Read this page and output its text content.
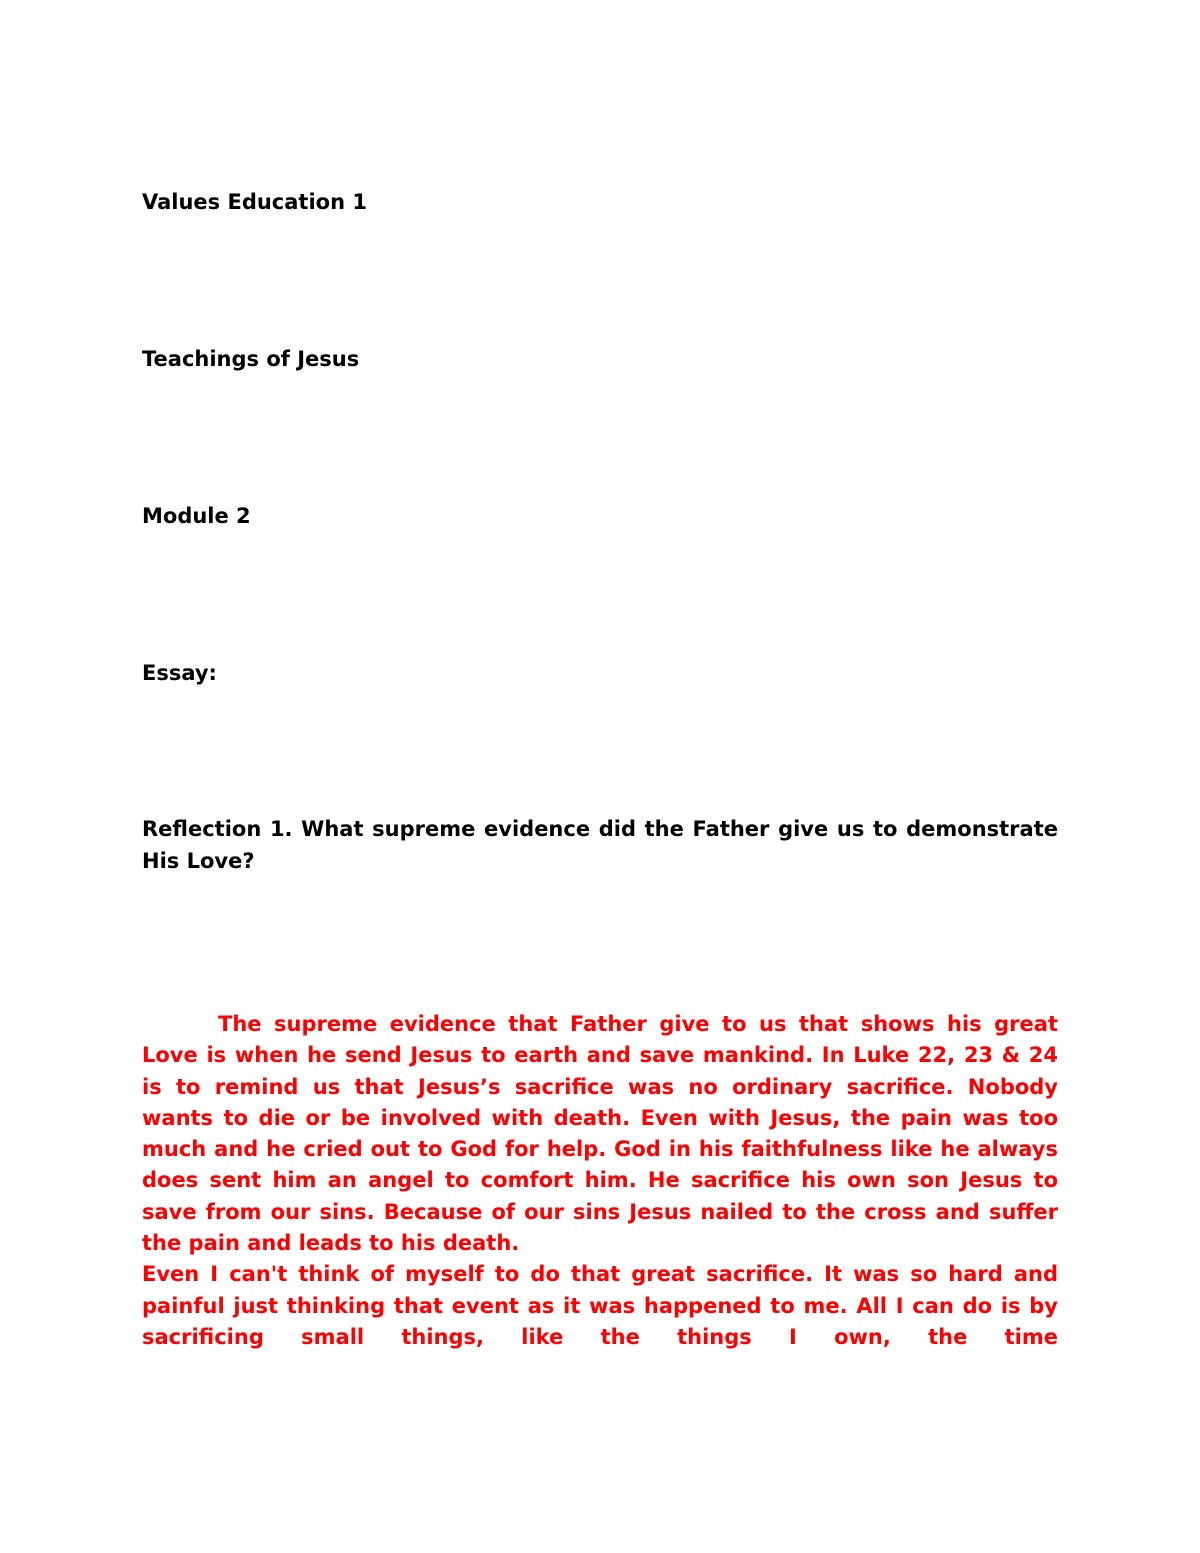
Values Education 1
Teachings of Jesus
Module 2
Essay:
Reflection 1. What supreme evidence did the Father give us to demonstrate His Love?

The supreme evidence that Father give to us that shows his great Love is when he send Jesus to earth and save mankind. In Luke 22, 23 & 24 is to remind us that Jesus’s sacrifice was no ordinary sacrifice. Nobody wants to die or be involved with death. Even with Jesus, the pain was too much and he cried out to God for help. God in his faithfulness like he always does sent him an angel to comfort him. He sacrifice his own son Jesus to save from our sins. Because of our sins Jesus nailed to the cross and suffer the pain and leads to his death.

Even I can't think of myself to do that great sacrifice. It was so hard and painful just thinking that event as it was happened to me. All I can do is by sacrificing small things, like the things I own, the time
